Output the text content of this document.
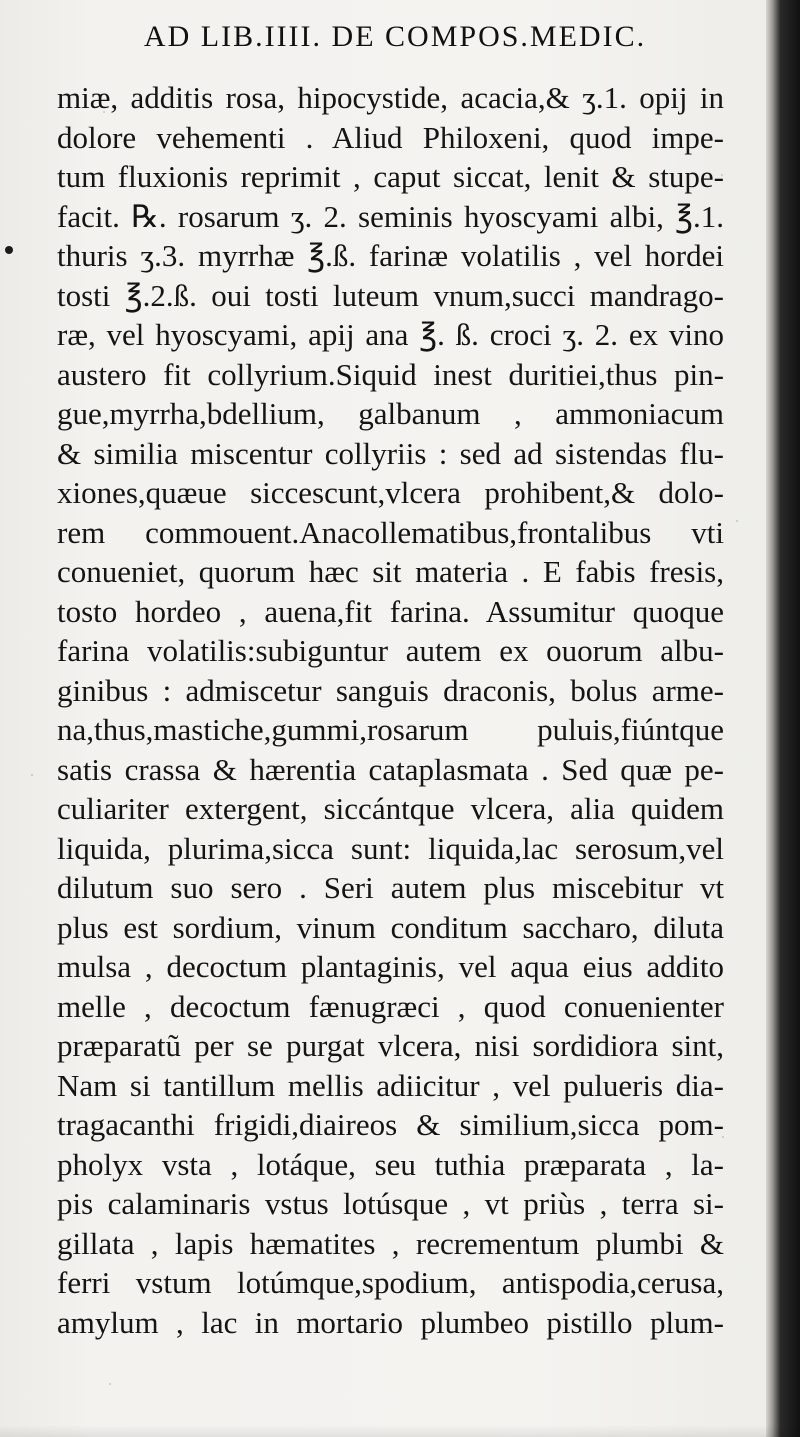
AD LIB.IIII. DE COMPOS.MEDIC.
miæ, additis rosa, hipocystide, acacia,& ʒ.1. opij in
dolore vehementi . Aliud Philoxeni, quod impe-
tum fluxionis reprimit , caput siccat, lenit & stupe-
facit. ℞. rosarum ʒ. 2. seminis hyoscyami albi, ℥.1.
thuris ʒ.3. myrrhæ ℥.ß. farinæ volatilis , vel hordei
tosti ℥.2.ß. oui tosti luteum vnum,succi mandrago-
ræ, vel hyoscyami, apij ana ℥. ß. croci ʒ. 2. ex vino
austero fit collyrium.Siquid inest duritiei,thus pin-
gue,myrrha,bdellium, galbanum , ammoniacum
& similia miscentur collyriis : sed ad sistendas flu-
xiones,quæue siccescunt,vlcera prohibent,& dolo-
rem commouent.Anacollematibus,frontalibus vti
conueniet, quorum hæc sit materia . E fabis fresis,
tosto hordeo , auena,fit farina. Assumitur quoque
farina volatilis:subiguntur autem ex ouorum albu-
ginibus : admiscetur sanguis draconis, bolus arme-
na,thus,mastiche,gummi,rosarum puluis,fiúntque
satis crassa & hærentia cataplasmata . Sed quæ pe-
culiariter extergent, siccántque vlcera, alia quidem
liquida, plurima,sicca sunt: liquida,lac serosum,vel
dilutum suo sero . Seri autem plus miscebitur vt
plus est sordium, vinum conditum saccharo, diluta
mulsa , decoctum plantaginis, vel aqua eius addito
melle , decoctum fænugræci , quod conuenienter
præparatũ per se purgat vlcera, nisi sordidiora sint,
Nam si tantillum mellis adiicitur , vel pulueris dia-
tragacanthi frigidi,diaireos & similium,sicca pom-
pholyx vsta , lotáque, seu tuthia præparata , la-
pis calaminaris vstus lotúsque , vt priùs , terra si-
gillata , lapis hæmatites , recrementum plumbi &
ferri vstum lotúmque,spodium, antispodia,cerusa,
amylum , lac in mortario plumbeo pistillo plum-
